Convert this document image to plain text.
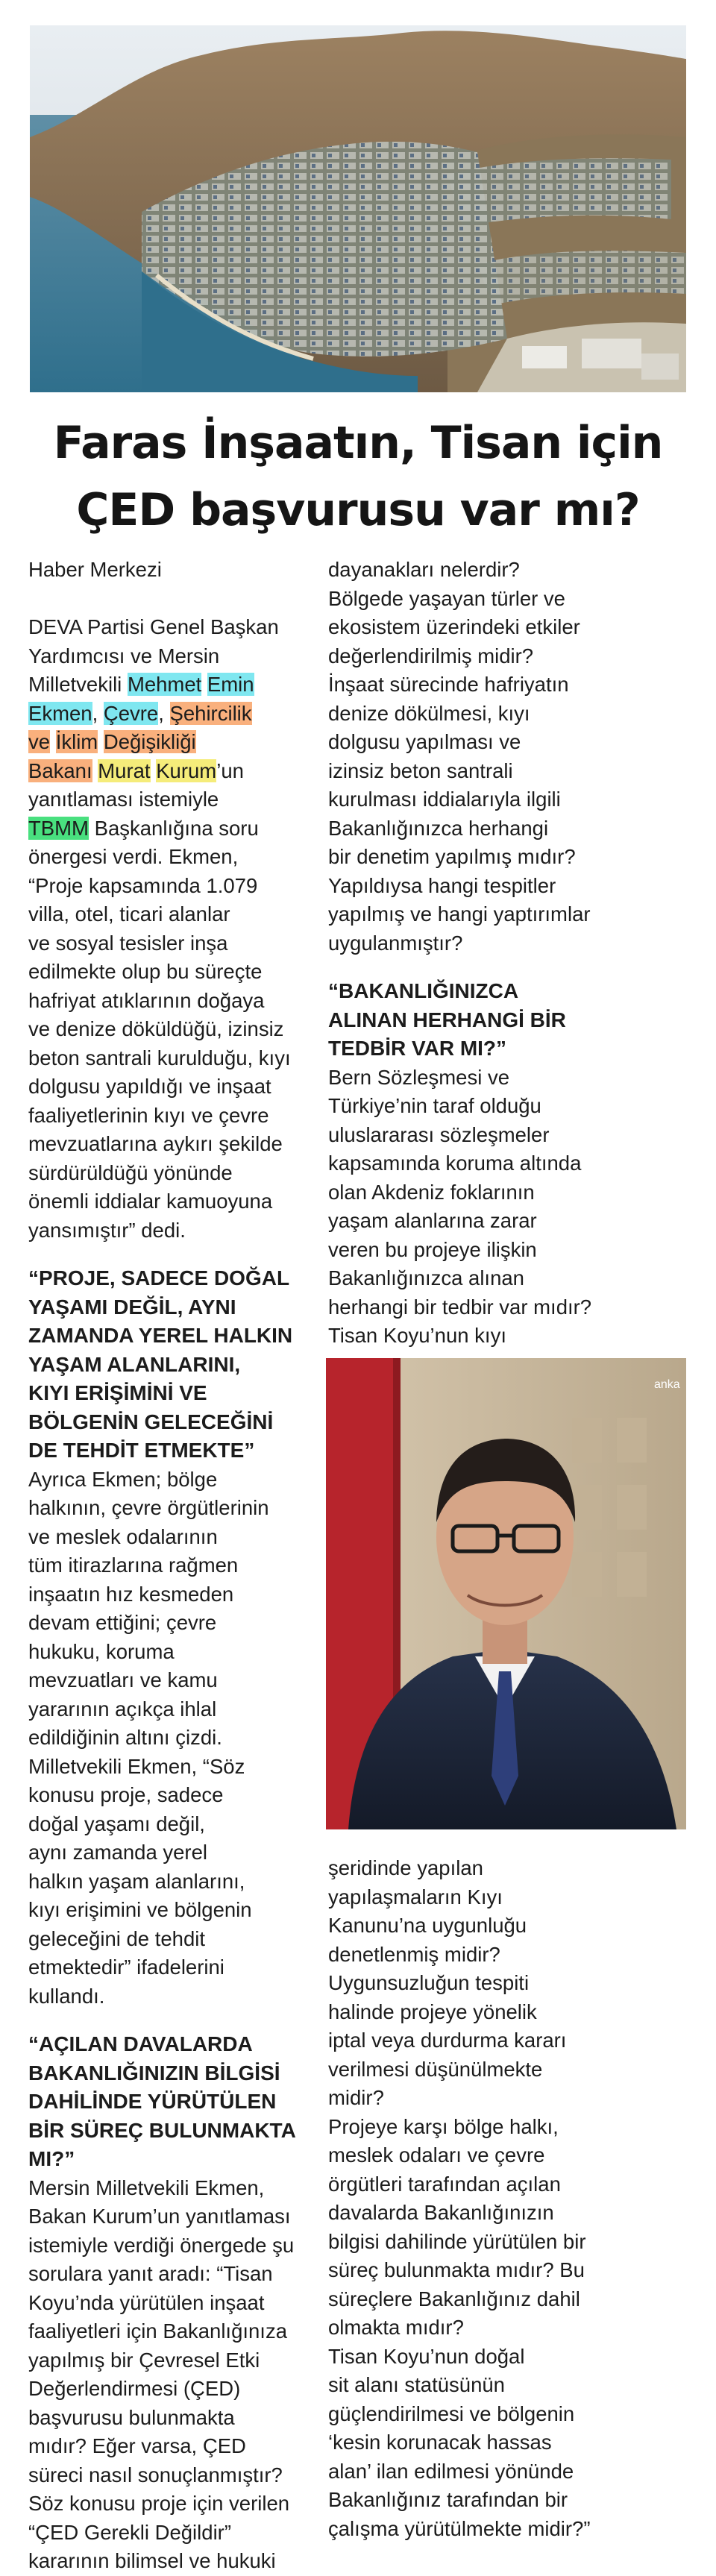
Faras İnşaatın, Tisan için
ÇED başvurusu var mı?
Haber Merkezi
DEVA Partisi Genel Başkan
Yardımcısı ve Mersin
Milletvekili Mehmet Emin
Ekmen, Çevre, Şehircilik
ve İklim Değişikliği
Bakanı Murat Kurum’un
yanıtlaması istemiyle
TBMM Başkanlığına soru
önergesi verdi. Ekmen,
“Proje kapsamında 1.079
villa, otel, ticari alanlar
ve sosyal tesisler inşa
edilmekte olup bu süreçte
hafriyat atıklarının doğaya
ve denize döküldüğü, izinsiz
beton santrali kurulduğu, kıyı
dolgusu yapıldığı ve inşaat
faaliyetlerinin kıyı ve çevre
mevzuatlarına aykırı şekilde
sürdürüldüğü yönünde
önemli iddialar kamuoyuna
yansımıştır” dedi.
“PROJE, SADECE DOĞAL
YAŞAMI DEĞİL, AYNI
ZAMANDA YEREL HALKIN
YAŞAM ALANLARINI,
KIYI ERİŞİMİNİ VE
BÖLGENİN GELECEĞİNİ
DE TEHDİT ETMEKTE”
Ayrıca Ekmen; bölge
halkının, çevre örgütlerinin
ve meslek odalarının
tüm itirazlarına rağmen
inşaatın hız kesmeden
devam ettiğini; çevre
hukuku, koruma
mevzuatları ve kamu
yararının açıkça ihlal
edildiğinin altını çizdi.
Milletvekili Ekmen, “Söz
konusu proje, sadece
doğal yaşamı değil,
aynı zamanda yerel
halkın yaşam alanlarını,
kıyı erişimini ve bölgenin
geleceğini de tehdit
etmektedir” ifadelerini
kullandı.
“AÇILAN DAVALARDA
BAKANLIĞINIZIN BİLGİSİ
DAHİLİNDE YÜRÜTÜLEN
BİR SÜREÇ BULUNMAKTA
MI?”
Mersin Milletvekili Ekmen,
Bakan Kurum’un yanıtlaması
istemiyle verdiği önergede şu
sorulara yanıt aradı: “Tisan
Koyu’nda yürütülen inşaat
faaliyetleri için Bakanlığınıza
yapılmış bir Çevresel Etki
Değerlendirmesi (ÇED)
başvurusu bulunmakta
mıdır? Eğer varsa, ÇED
süreci nasıl sonuçlanmıştır?
Söz konusu proje için verilen
“ÇED Gerekli Değildir”
kararının bilimsel ve hukuki
dayanakları nelerdir?
Bölgede yaşayan türler ve
ekosistem üzerindeki etkiler
değerlendirilmiş midir?
İnşaat sürecinde hafriyatın
denize dökülmesi, kıyı
dolgusu yapılması ve
izinsiz beton santrali
kurulması iddialarıyla ilgili
Bakanlığınızca herhangi
bir denetim yapılmış mıdır?
Yapıldıysa hangi tespitler
yapılmış ve hangi yaptırımlar
uygulanmıştır?
“BAKANLIĞINIZCA
ALINAN HERHANGİ BİR
TEDBİR VAR MI?”
Bern Sözleşmesi ve
Türkiye’nin taraf olduğu
uluslararası sözleşmeler
kapsamında koruma altında
olan Akdeniz foklarının
yaşam alanlarına zarar
veren bu projeye ilişkin
Bakanlığınızca alınan
herhangi bir tedbir var mıdır?
Tisan Koyu’nun kıyı
şeridinde yapılan
yapılaşmaların Kıyı
Kanunu’na uygunluğu
denetlenmiş midir?
Uygunsuzluğun tespiti
halinde projeye yönelik
iptal veya durdurma kararı
verilmesi düşünülmekte
midir?
Projeye karşı bölge halkı,
meslek odaları ve çevre
örgütleri tarafından açılan
davalarda Bakanlığınızın
bilgisi dahilinde yürütülen bir
süreç bulunmakta mıdır? Bu
süreçlere Bakanlığınız dahil
olmakta mıdır?
Tisan Koyu’nun doğal
sit alanı statüsünün
güçlendirilmesi ve bölgenin
‘kesin korunacak hassas
alan’ ilan edilmesi yönünde
Bakanlığınız tarafından bir
çalışma yürütülmekte midir?”
anka
